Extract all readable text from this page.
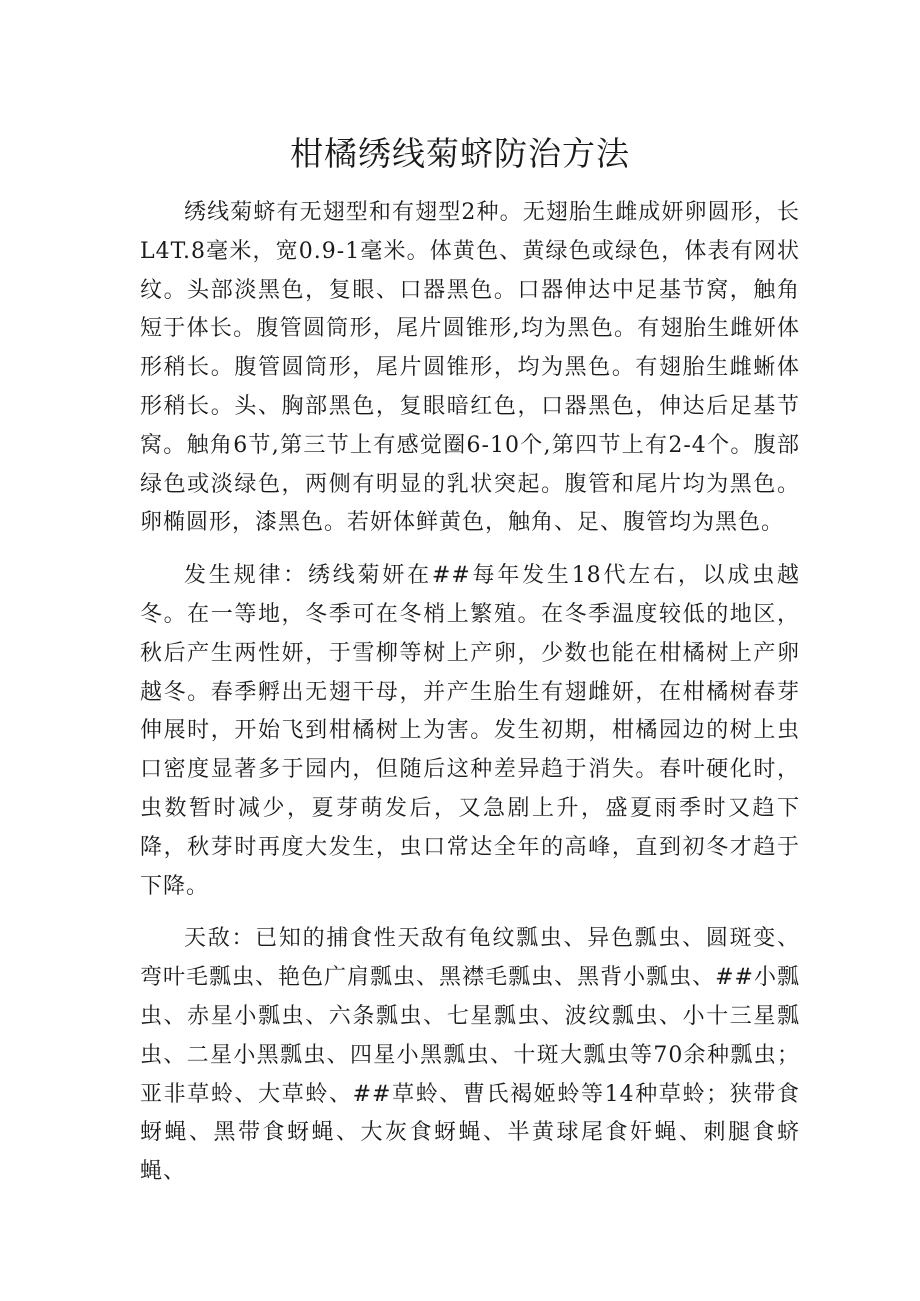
柑橘绣线菊蛴防治方法

绣线菊蛴有无翅型和有翅型2种。无翅胎生雌成妍卵圆形，长L4T.8毫米，宽0.9-1毫米。体黄色、黄绿色或绿色，体表有网状纹。头部淡黑色，复眼、口器黑色。口器伸达中足基节窝，触角短于体长。腹管圆筒形，尾片圆锥形,均为黑色。有翅胎生雌妍体形稍长。腹管圆筒形，尾片圆锥形，均为黑色。有翅胎生雌蜥体形稍长。头、胸部黑色，复眼暗红色，口器黑色，伸达后足基节窝。触角6节,第三节上有感觉圈6-10个,第四节上有2-4个。腹部绿色或淡绿色，两侧有明显的乳状突起。腹管和尾片均为黑色。卵椭圆形，漆黑色。若妍体鲜黄色，触角、足、腹管均为黑色。

发生规律：绣线菊妍在##每年发生18代左右，以成虫越冬。在一等地，冬季可在冬梢上繁殖。在冬季温度较低的地区，秋后产生两性妍，于雪柳等树上产卵，少数也能在柑橘树上产卵越冬。春季孵出无翅干母，并产生胎生有翅雌妍，在柑橘树春芽伸展时，开始飞到柑橘树上为害。发生初期，柑橘园边的树上虫口密度显著多于园内，但随后这种差异趋于消失。春叶硬化时，虫数暂时减少，夏芽萌发后，又急剧上升，盛夏雨季时又趋下降，秋芽时再度大发生，虫口常达全年的高峰，直到初冬才趋于下降。

天敌：已知的捕食性天敌有龟纹瓢虫、异色瓢虫、圆斑变、弯叶毛瓢虫、艳色广肩瓢虫、黑襟毛瓢虫、黑背小瓢虫、##小瓢虫、赤星小瓢虫、六条瓢虫、七星瓢虫、波纹瓢虫、小十三星瓢虫、二星小黑瓢虫、四星小黑瓢虫、十斑大瓢虫等70余种瓢虫；亚非草蛉、大草蛉、##草蛉、曹氏褐姬蛉等14种草蛉；狭带食蚜蝇、黑带食蚜蝇、大灰食蚜蝇、半黄球尾食奸蝇、刺腿食蛴蝇、
